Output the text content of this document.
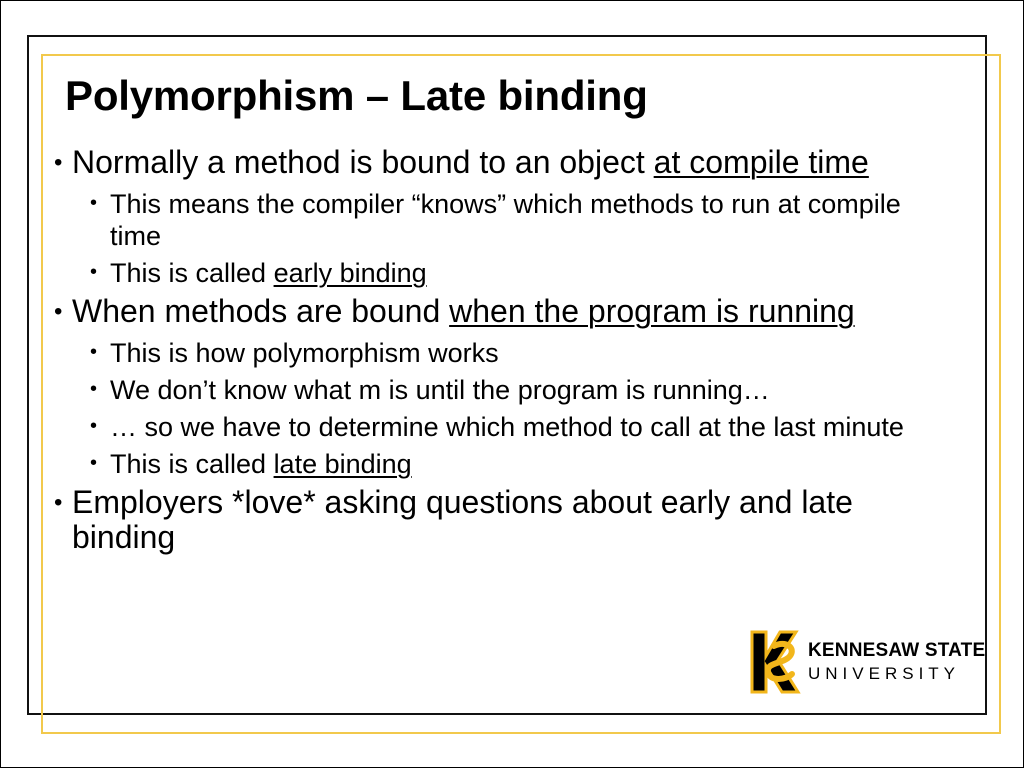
Polymorphism – Late binding
• Normally a method is bound to an object at compile time
• This means the compiler “knows” which methods to run at compile time
• This is called early binding
• When methods are bound when the program is running
• This is how polymorphism works
• We don’t know what m is until the program is running…
• … so we have to determine which method to call at the last minute
• This is called late binding
• Employers *love* asking questions about early and late binding
KENNESAW STATE
UNIVERSITY
